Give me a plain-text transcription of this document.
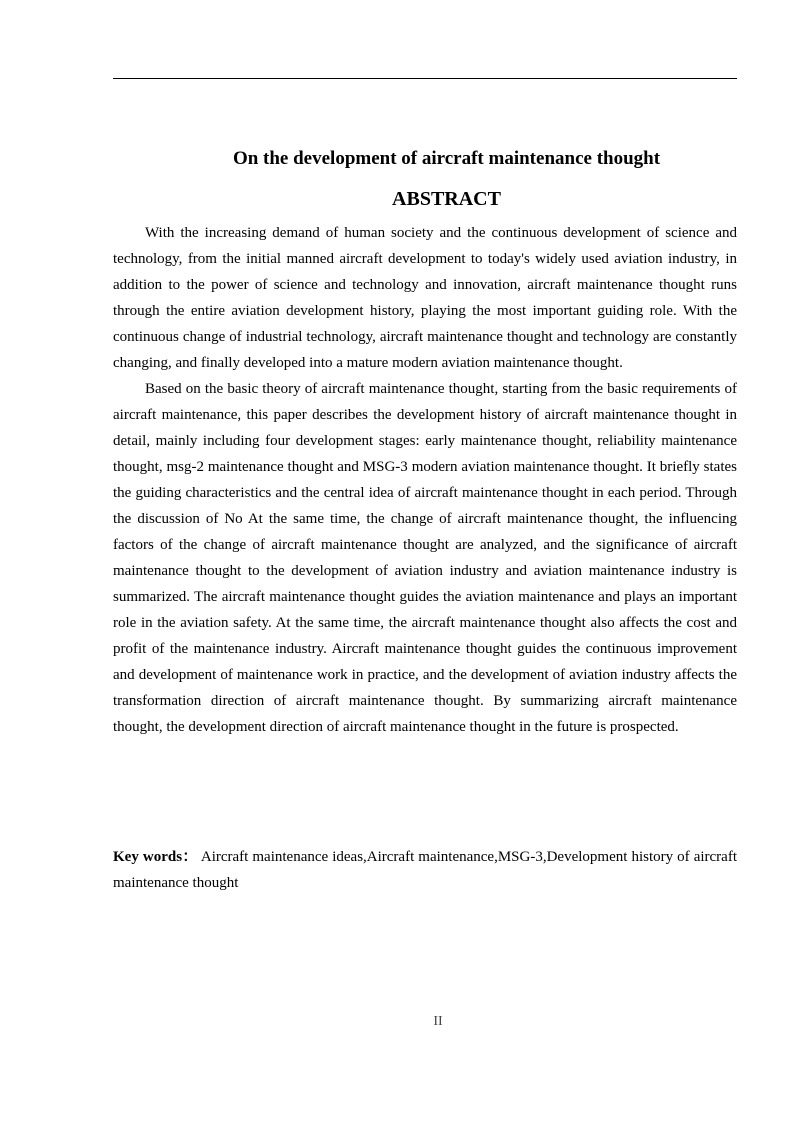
On the development of aircraft maintenance thought
ABSTRACT

With the increasing demand of human society and the continuous development of science and technology, from the initial manned aircraft development to today's widely used aviation industry, in addition to the power of science and technology and innovation, aircraft maintenance thought runs through the entire aviation development history, playing the most important guiding role. With the continuous change of industrial technology, aircraft maintenance thought and technology are constantly changing, and finally developed into a mature modern aviation maintenance thought.

Based on the basic theory of aircraft maintenance thought, starting from the basic requirements of aircraft maintenance, this paper describes the development history of aircraft maintenance thought in detail, mainly including four development stages: early maintenance thought, reliability maintenance thought, msg-2 maintenance thought and MSG-3 modern aviation maintenance thought. It briefly states the guiding characteristics and the central idea of aircraft maintenance thought in each period. Through the discussion of No At the same time, the change of aircraft maintenance thought, the influencing factors of the change of aircraft maintenance thought are analyzed, and the significance of aircraft maintenance thought to the development of aviation industry and aviation maintenance industry is summarized. The aircraft maintenance thought guides the aviation maintenance and plays an important role in the aviation safety. At the same time, the aircraft maintenance thought also affects the cost and profit of the maintenance industry. Aircraft maintenance thought guides the continuous improvement and development of maintenance work in practice, and the development of aviation industry affects the transformation direction of aircraft maintenance thought. By summarizing aircraft maintenance thought, the development direction of aircraft maintenance thought in the future is prospected.

Key words： Aircraft maintenance ideas,Aircraft maintenance,MSG-3,Development history of aircraft maintenance thought

II
